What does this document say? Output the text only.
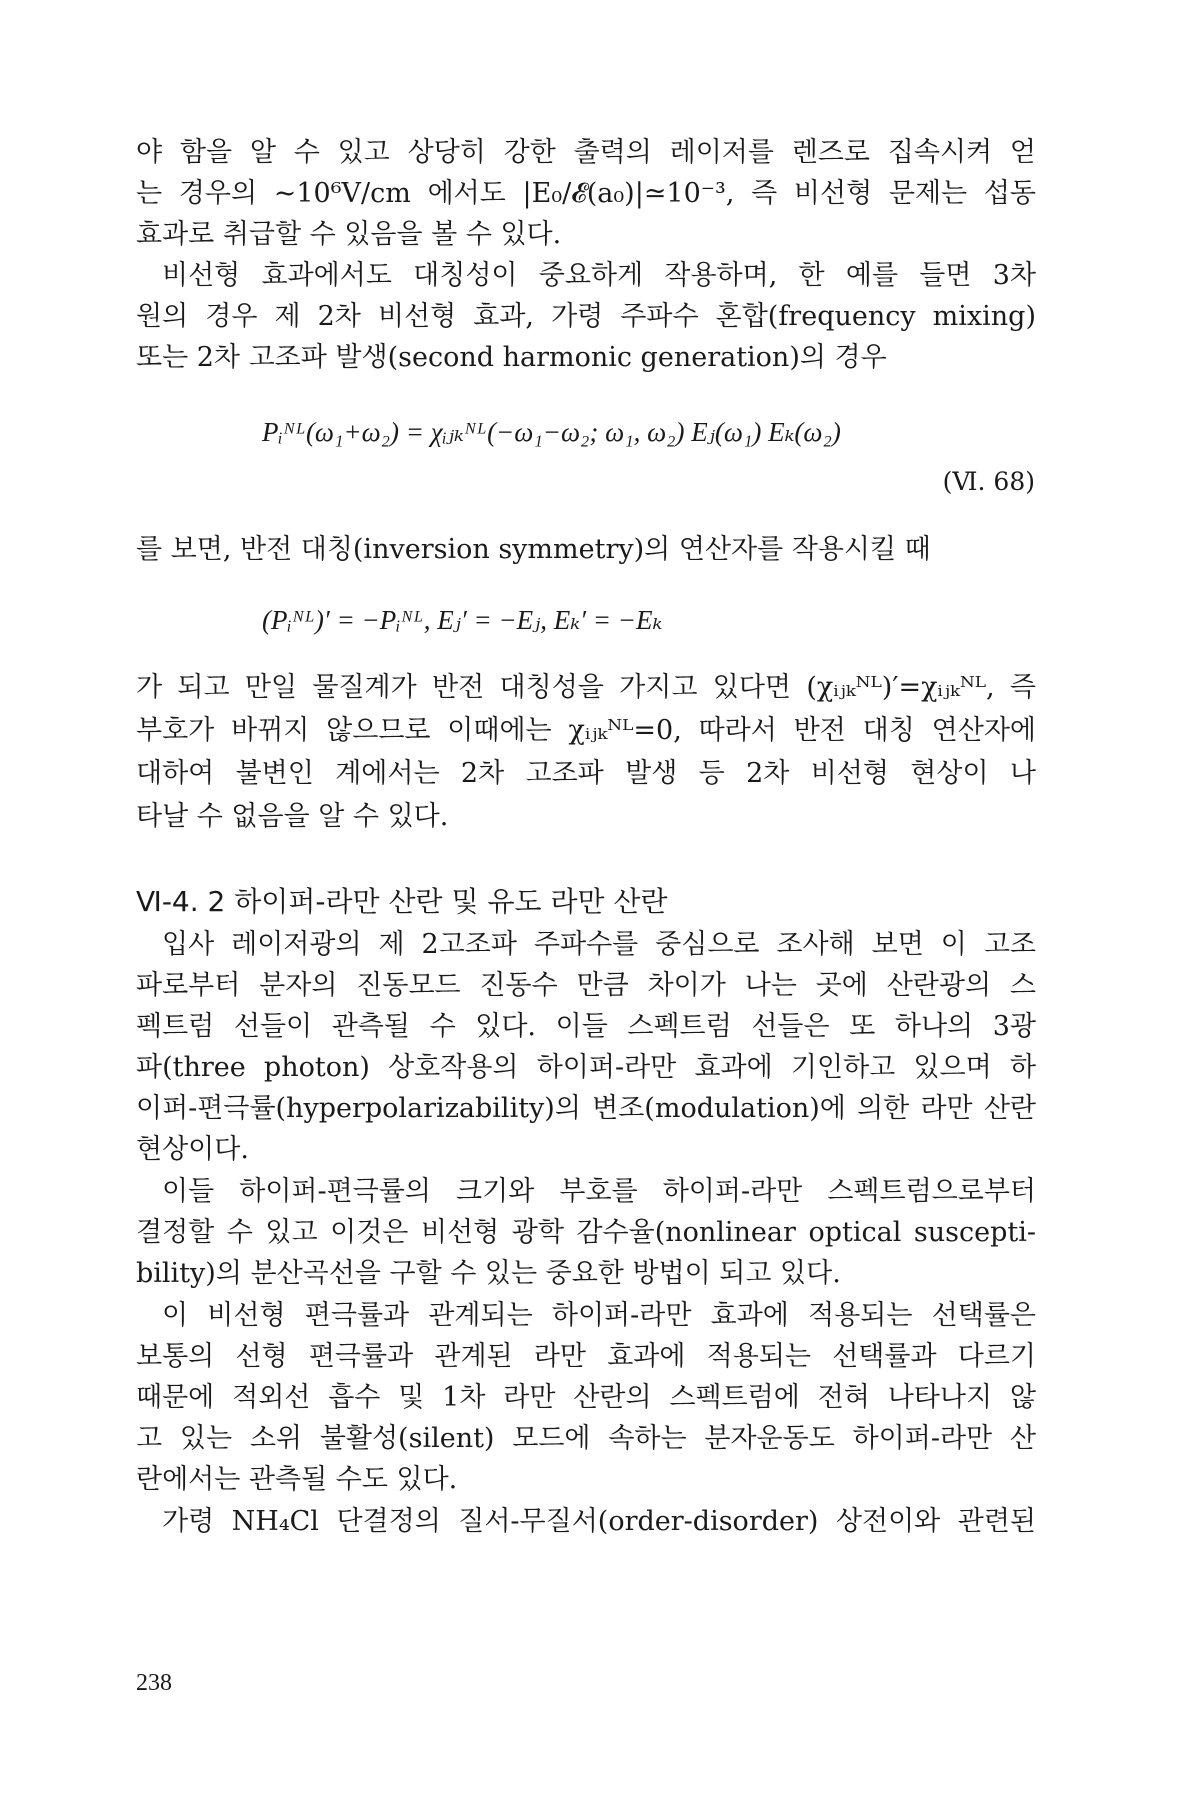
야 함을 알 수 있고 상당히 강한 출력의 레이저를 렌즈로 집속시켜 얻
는 경우의 ~10⁶V/cm 에서도 |E₀/𝓔(a₀)|≃10⁻³, 즉 비선형 문제는 섭동
효과로 취급할 수 있음을 볼 수 있다.
비선형 효과에서도 대칭성이 중요하게 작용하며, 한 예를 들면 3차
원의 경우 제 2차 비선형 효과, 가령 주파수 혼합(frequency mixing)
또는 2차 고조파 발생(second harmonic generation)의 경우
Pᵢᴺᴸ(ω₁+ω₂) = χᵢⱼₖᴺᴸ(−ω₁−ω₂; ω₁, ω₂) Eⱼ(ω₁) Eₖ(ω₂)
(Ⅵ. 68)
를 보면, 반전 대칭(inversion symmetry)의 연산자를 작용시킬 때
(Pᵢᴺᴸ)′ = −Pᵢᴺᴸ, Eⱼ′ = −Eⱼ, Eₖ′ = −Eₖ
가 되고 만일 물질계가 반전 대칭성을 가지고 있다면 (χᵢⱼₖᴺᴸ)′=χᵢⱼₖᴺᴸ, 즉
부호가 바뀌지 않으므로 이때에는 χᵢⱼₖᴺᴸ=0, 따라서 반전 대칭 연산자에
대하여 불변인 계에서는 2차 고조파 발생 등 2차 비선형 현상이 나
타날 수 없음을 알 수 있다.
Ⅵ-4. 2 하이퍼-라만 산란 및 유도 라만 산란
입사 레이저광의 제 2고조파 주파수를 중심으로 조사해 보면 이 고조
파로부터 분자의 진동모드 진동수 만큼 차이가 나는 곳에 산란광의 스
펙트럼 선들이 관측될 수 있다. 이들 스펙트럼 선들은 또 하나의 3광
파(three photon) 상호작용의 하이퍼-라만 효과에 기인하고 있으며 하
이퍼-편극률(hyperpolarizability)의 변조(modulation)에 의한 라만 산란
현상이다.
이들 하이퍼-편극률의 크기와 부호를 하이퍼-라만 스펙트럼으로부터
결정할 수 있고 이것은 비선형 광학 감수율(nonlinear optical suscepti-
bility)의 분산곡선을 구할 수 있는 중요한 방법이 되고 있다.
이 비선형 편극률과 관계되는 하이퍼-라만 효과에 적용되는 선택률은
보통의 선형 편극률과 관계된 라만 효과에 적용되는 선택률과 다르기
때문에 적외선 흡수 및 1차 라만 산란의 스펙트럼에 전혀 나타나지 않
고 있는 소위 불활성(silent) 모드에 속하는 분자운동도 하이퍼-라만 산
란에서는 관측될 수도 있다.
가령 NH₄Cl 단결정의 질서-무질서(order-disorder) 상전이와 관련된
238
